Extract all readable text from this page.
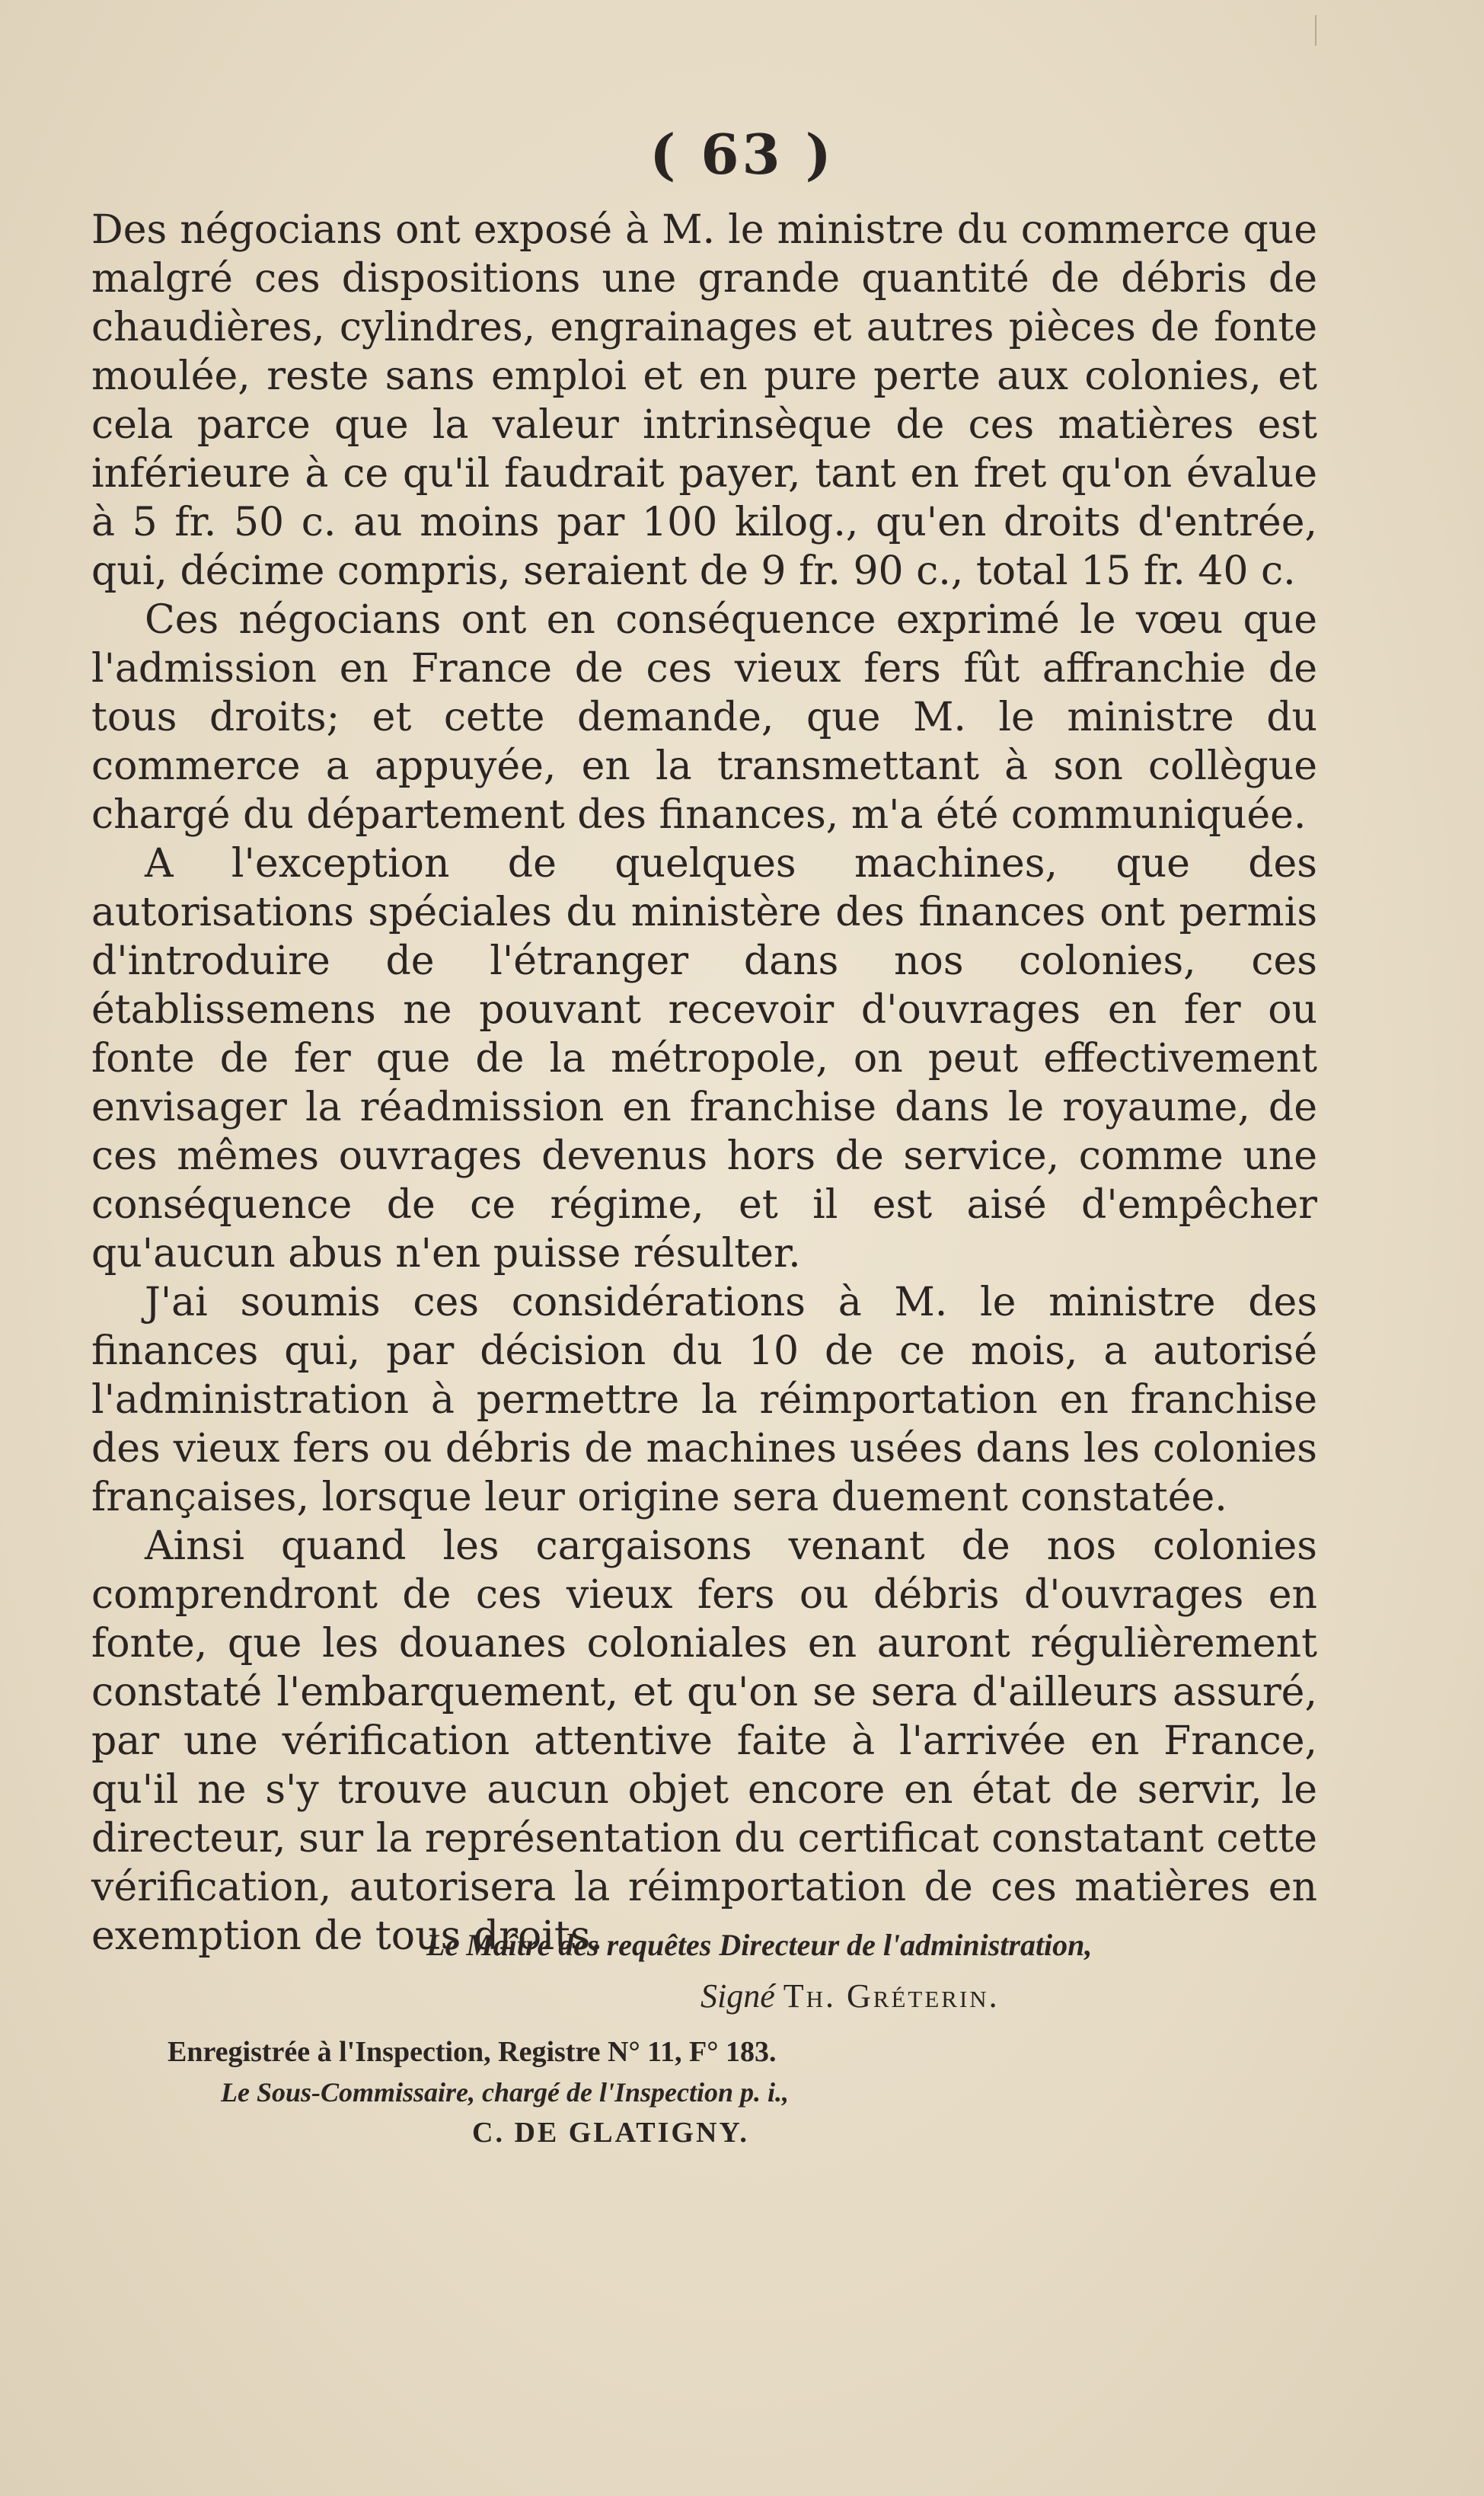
( 63 )

Des négocians ont exposé à M. le ministre du commerce que malgré ces dispositions une grande quantité de débris de chaudières, cylindres, engrainages et autres pièces de fonte moulée, reste sans emploi et en pure perte aux colonies, et cela parce que la valeur intrinsèque de ces matières est inférieure à ce qu'il faudrait payer, tant en fret qu'on évalue à 5 fr. 50 c. au moins par 100 kilog., qu'en droits d'entrée, qui, décime compris, seraient de 9 fr. 90 c., total 15 fr. 40 c.

Ces négocians ont en conséquence exprimé le vœu que l'admission en France de ces vieux fers fût affranchie de tous droits; et cette demande, que M. le ministre du commerce a appuyée, en la transmettant à son collègue chargé du département des finances, m'a été communiquée.

A l'exception de quelques machines, que des autorisations spéciales du ministère des finances ont permis d'introduire de l'étranger dans nos colonies, ces établissemens ne pouvant recevoir d'ouvrages en fer ou fonte de fer que de la métropole, on peut effectivement envisager la réadmission en franchise dans le royaume, de ces mêmes ouvrages devenus hors de service, comme une conséquence de ce régime, et il est aisé d'empêcher qu'aucun abus n'en puisse résulter.

J'ai soumis ces considérations à M. le ministre des finances qui, par décision du 10 de ce mois, a autorisé l'administration à permettre la réimportation en franchise des vieux fers ou débris de machines usées dans les colonies françaises, lorsque leur origine sera duement constatée.

Ainsi quand les cargaisons venant de nos colonies comprendront de ces vieux fers ou débris d'ouvrages en fonte, que les douanes coloniales en auront régulièrement constaté l'embarquement, et qu'on se sera d'ailleurs assuré, par une vérification attentive faite à l'arrivée en France, qu'il ne s'y trouve aucun objet encore en état de servir, le directeur, sur la représentation du certificat constatant cette vérification, autorisera la réimportation de ces matières en exemption de tous droits.

Le Maître des requêtes Directeur de l'administration,
Signé Th. Gréterin.
Enregistrée à l'Inspection, Registre N° 11, F° 183.
Le Sous-Commissaire, chargé de l'Inspection p. i.,
C. DE GLATIGNY.
